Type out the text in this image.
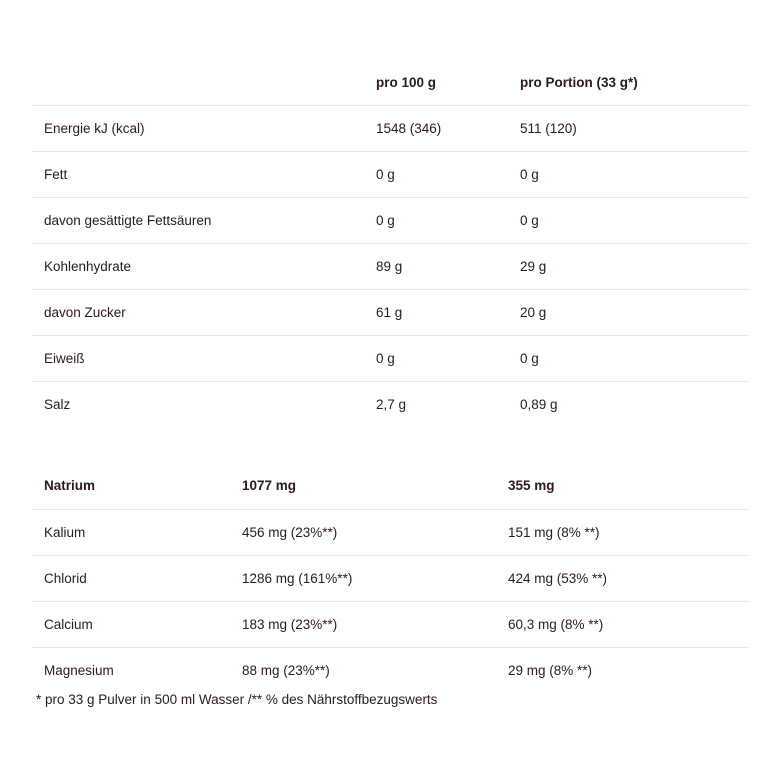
	pro 100 g	pro Portion (33 g*)
Energie kJ (kcal)	1548 (346)	511 (120)
Fett	0 g	0 g
davon gesättigte Fettsäuren	0 g	0 g
Kohlenhydrate	89 g	29 g
davon Zucker	61 g	20 g
Eiweiß	0 g	0 g
Salz	2,7 g	0,89 g
Natrium	1077 mg	355 mg
Kalium	456 mg (23%**)	151 mg (8% **)
Chlorid	1286 mg (161%**)	424 mg (53% **)
Calcium	183 mg (23%**)	60,3 mg (8% **)
Magnesium	88 mg (23%**)	29 mg (8% **)
* pro 33 g Pulver in 500 ml Wasser /** % des Nährstoffbezugswerts
